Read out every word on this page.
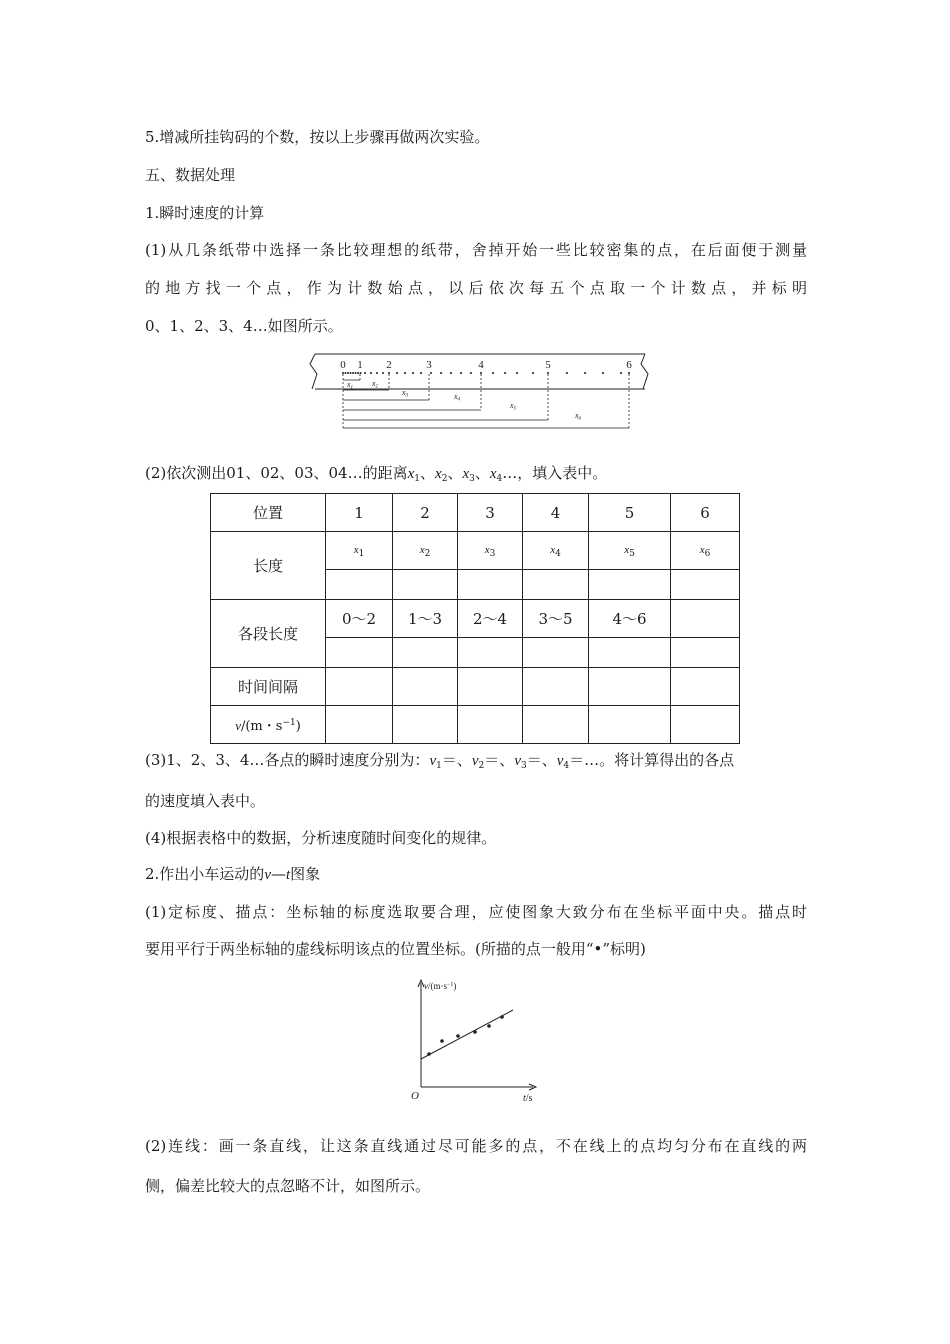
5.增减所挂钩码的个数，按以上步骤再做两次实验。
五、数据处理
1.瞬时速度的计算
(1)从几条纸带中选择一条比较理想的纸带，舍掉开始一些比较密集的点，在后面便于测量
的地方找一个点，作为计数始点，以后依次每五个点取一个计数点，并标明
0、1、2、3、4…如图所示。
0 1 2	3	4	5	6
x1 x2
x3	x4
x5
x6
(2)依次测出01、02、03、04…的距离$x_1$、$x_2$、$x_3$、$x_4\dots$，填入表中。
位置	1	2	3	4	5	6
长度	$x_1$	$x_2$	$x_3$	$x_4$	$x_5$	$x_6$

各段长度	0～2	1～3	2～4	3～5	4～6	

时间间隔						
v/(m・$s^{-1}$)						
(3)1、2、3、4…各点的瞬时速度分别为：$v_1=$、$v_2=$、$v_3=$、$v_4=\dots$。将计算得出的各点
的速度填入表中。
(4)根据表格中的数据，分析速度随时间变化的规律。
2.作出小车运动的v—t图象
(1)定标度、描点：坐标轴的标度选取要合理，应使图象大致分布在坐标平面中央。描点时
要用平行于两坐标轴的虚线标明该点的位置坐标。(所描的点一般用“•”标明)
$v/(m\cdot s^{-1})$
t/s
O
(2)连线：画一条直线，让这条直线通过尽可能多的点，不在线上的点均匀分布在直线的两
侧，偏差比较大的点忽略不计，如图所示。
